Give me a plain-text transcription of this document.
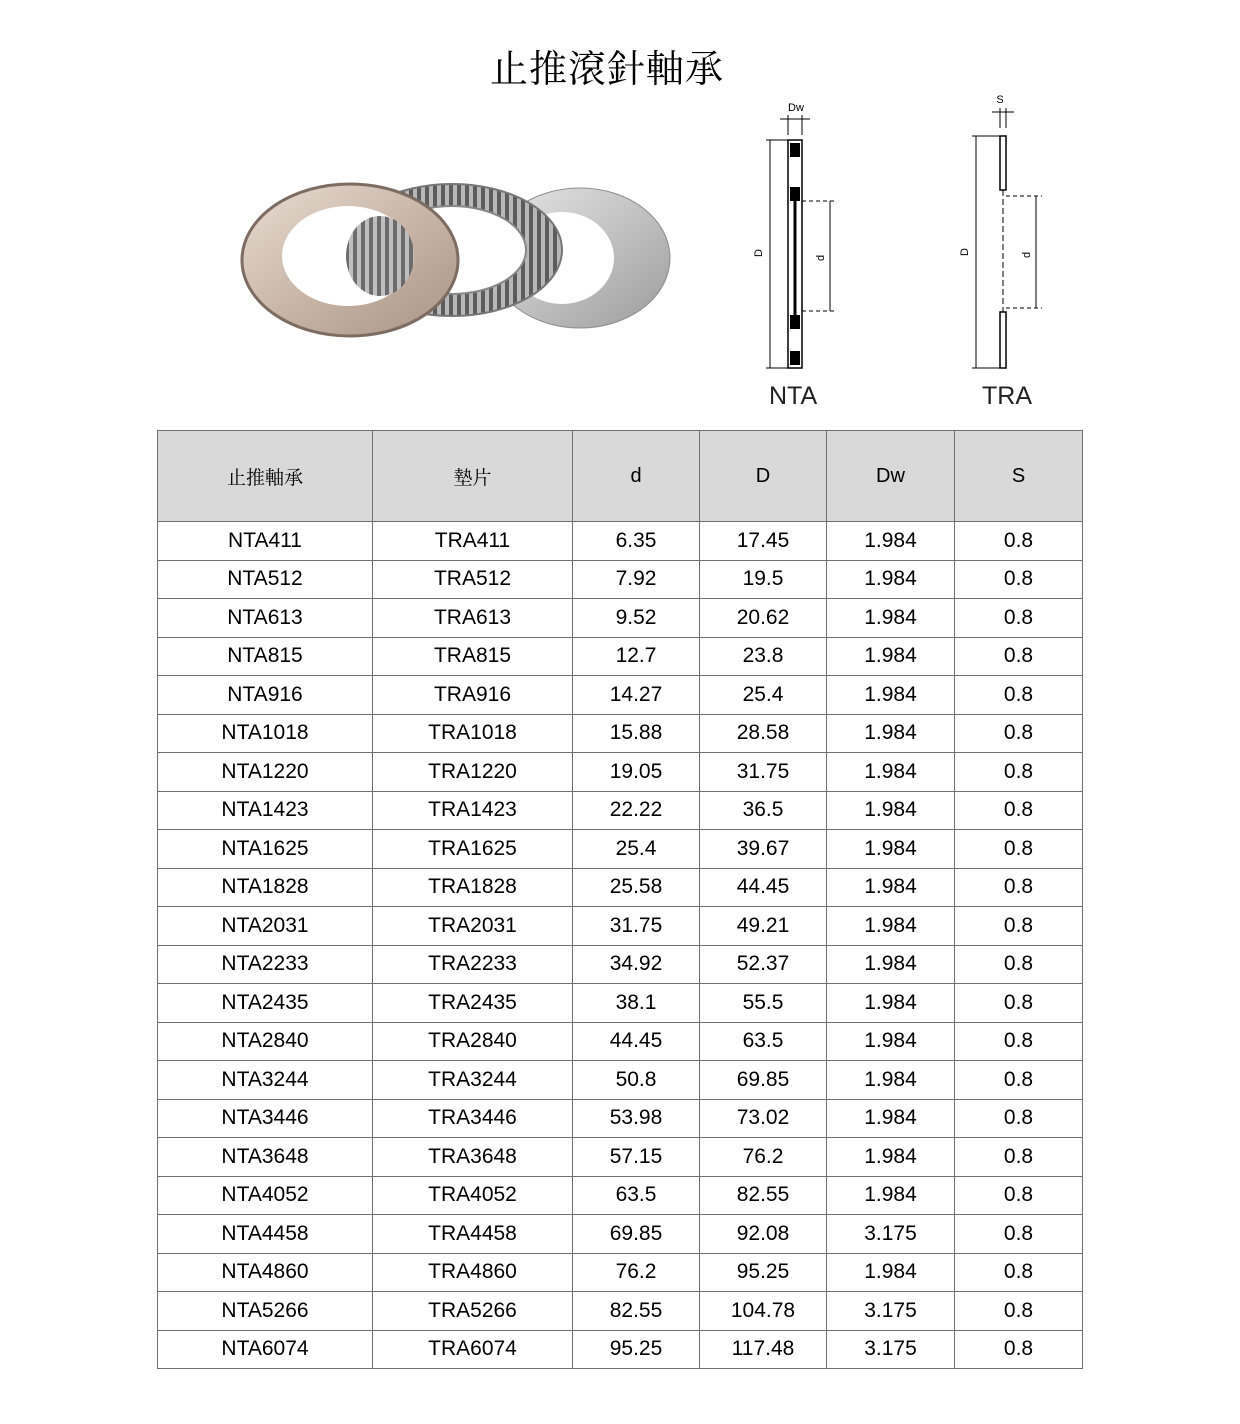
止推滾針軸承
Dw
D
d
NTA
S
D	d
TRA
止推軸承	墊片	d	D	Dw	S
NTA411	TRA411	6.35	17.45	1.984	0.8
NTA512	TRA512	7.92	19.5	1.984	0.8
NTA613	TRA613	9.52	20.62	1.984	0.8
NTA815	TRA815	12.7	23.8	1.984	0.8
NTA916	TRA916	14.27	25.4	1.984	0.8
NTA1018	TRA1018	15.88	28.58	1.984	0.8
NTA1220	TRA1220	19.05	31.75	1.984	0.8
NTA1423	TRA1423	22.22	36.5	1.984	0.8
NTA1625	TRA1625	25.4	39.67	1.984	0.8
NTA1828	TRA1828	25.58	44.45	1.984	0.8
NTA2031	TRA2031	31.75	49.21	1.984	0.8
NTA2233	TRA2233	34.92	52.37	1.984	0.8
NTA2435	TRA2435	38.1	55.5	1.984	0.8
NTA2840	TRA2840	44.45	63.5	1.984	0.8
NTA3244	TRA3244	50.8	69.85	1.984	0.8
NTA3446	TRA3446	53.98	73.02	1.984	0.8
NTA3648	TRA3648	57.15	76.2	1.984	0.8
NTA4052	TRA4052	63.5	82.55	1.984	0.8
NTA4458	TRA4458	69.85	92.08	3.175	0.8
NTA4860	TRA4860	76.2	95.25	1.984	0.8
NTA5266	TRA5266	82.55	104.78	3.175	0.8
NTA6074	TRA6074	95.25	117.48	3.175	0.8
